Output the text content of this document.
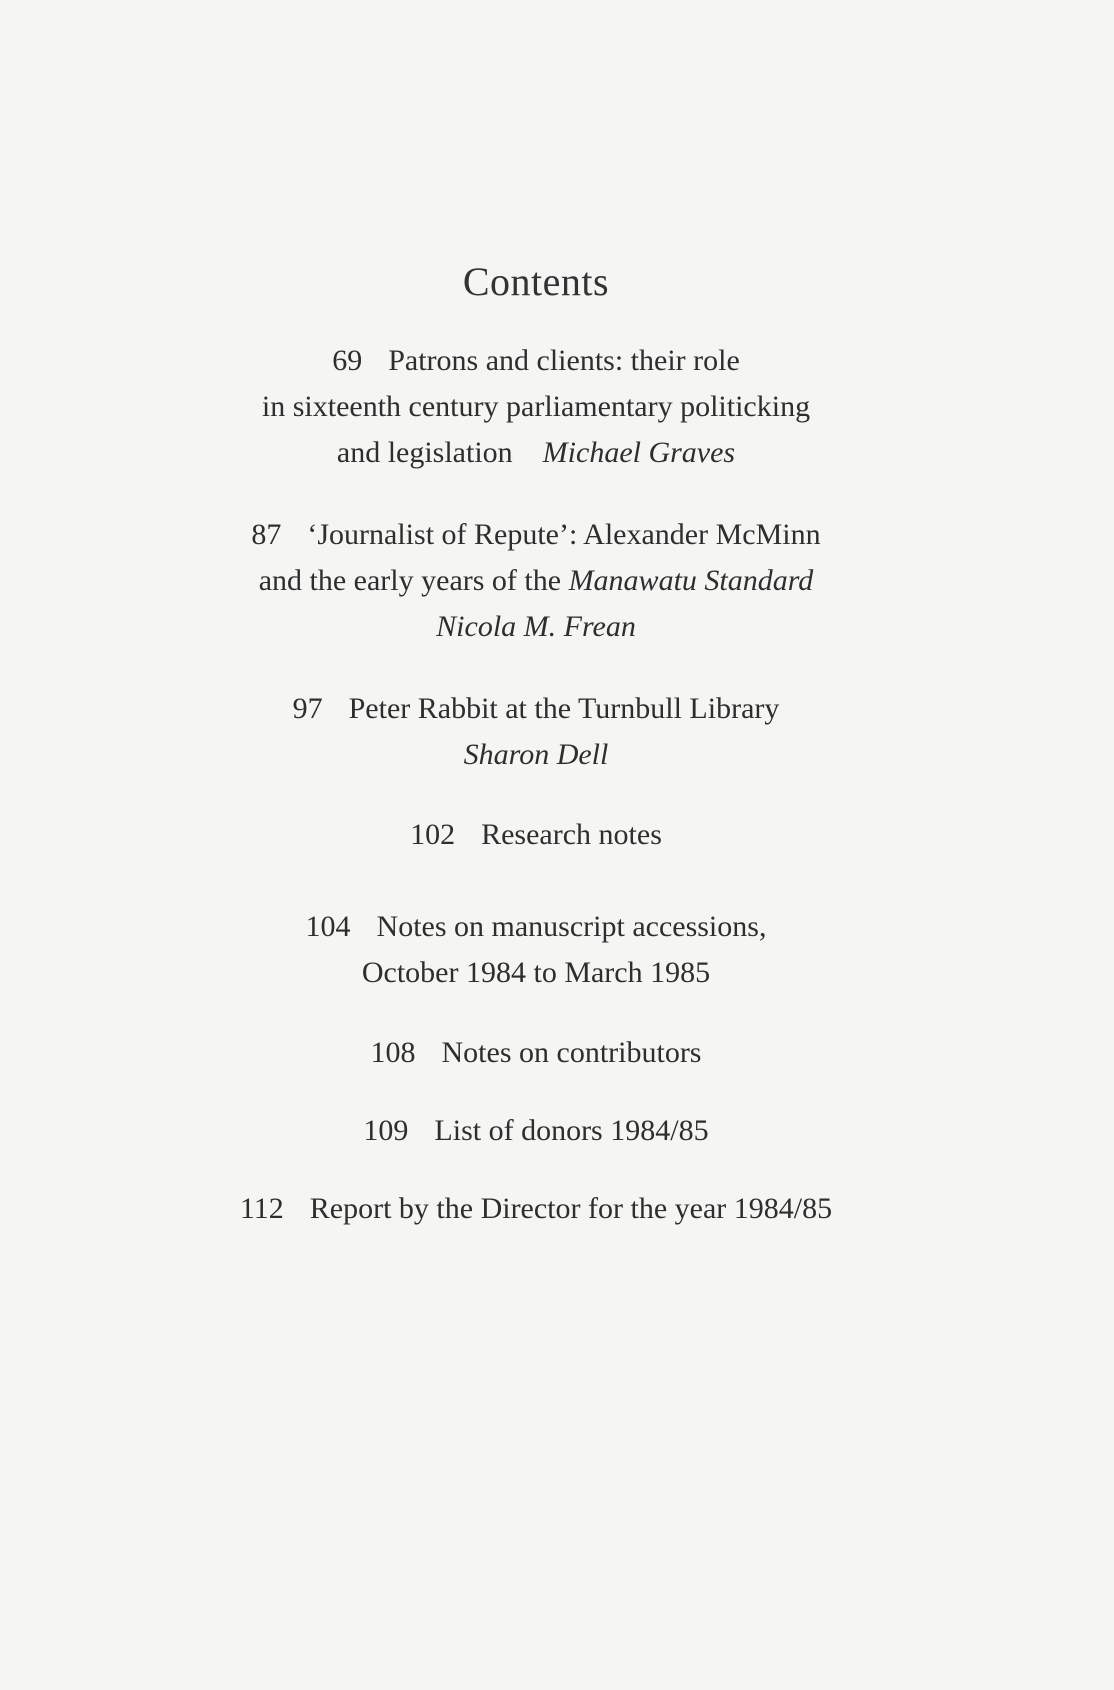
Contents
69 Patrons and clients: their role
in sixteenth century parliamentary politicking
and legislation Michael Graves
87 ‘Journalist of Repute’: Alexander McMinn
and the early years of the Manawatu Standard
Nicola M. Frean
97 Peter Rabbit at the Turnbull Library
Sharon Dell
102 Research notes
104 Notes on manuscript accessions,
October 1984 to March 1985
108 Notes on contributors
109 List of donors 1984/85
112 Report by the Director for the year 1984/85
